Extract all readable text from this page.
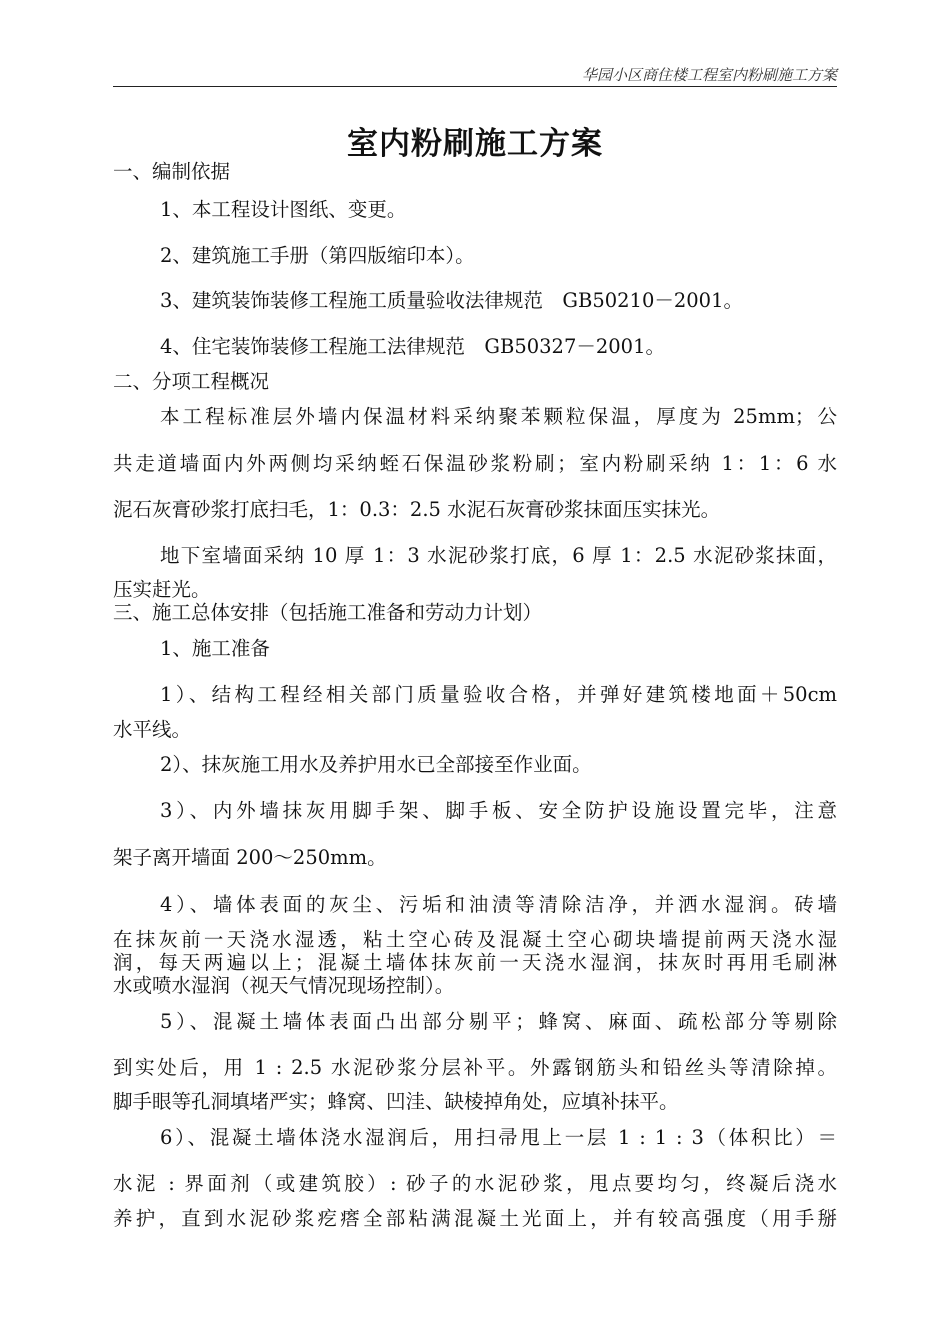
华园小区商住楼工程室内粉刷施工方案
室内粉刷施工方案
一、编制依据
1、本工程设计图纸、变更。
2、建筑施工手册（第四版缩印本）。
3、建筑装饰装修工程施工质量验收法律规范　GB50210－2001。
4、住宅装饰装修工程施工法律规范　GB50327－2001。
二、分项工程概况
本工程标准层外墙内保温材料采纳聚苯颗粒保温，厚度为 25mm；公
共走道墙面内外两侧均采纳蛭石保温砂浆粉刷；室内粉刷采纳 1：1：6 水
泥石灰膏砂浆打底扫毛，1：0.3：2.5 水泥石灰膏砂浆抹面压实抹光。
地下室墙面采纳 10 厚 1：3 水泥砂浆打底，6 厚 1：2.5 水泥砂浆抹面，
压实赶光。
三、施工总体安排（包括施工准备和劳动力计划）
1、施工准备
1）、结构工程经相关部门质量验收合格，并弹好建筑楼地面＋50cm
水平线。
2）、抹灰施工用水及养护用水已全部接至作业面。
3）、内外墙抹灰用脚手架、脚手板、安全防护设施设置完毕，注意
架子离开墙面 200～250mm。
4）、墙体表面的灰尘、污垢和油渍等清除洁净，并洒水湿润。砖墙
在抹灰前一天浇水湿透，粘土空心砖及混凝土空心砌块墙提前两天浇水湿
润，每天两遍以上；混凝土墙体抹灰前一天浇水湿润，抹灰时再用毛刷淋
水或喷水湿润（视天气情况现场控制）。
5）、混凝土墙体表面凸出部分剔平；蜂窝、麻面、疏松部分等剔除
到实处后，用 1 : 2.5 水泥砂浆分层补平。外露钢筋头和铅丝头等清除掉。
脚手眼等孔洞填堵严实；蜂窝、凹洼、缺棱掉角处，应填补抹平。
6）、混凝土墙体浇水湿润后，用扫帚甩上一层 1 : 1 : 3（体积比）＝
水泥 : 界面剂（或建筑胶）: 砂子的水泥砂浆，甩点要均匀，终凝后浇水
养护，直到水泥砂浆疙瘩全部粘满混凝土光面上，并有较高强度（用手掰
